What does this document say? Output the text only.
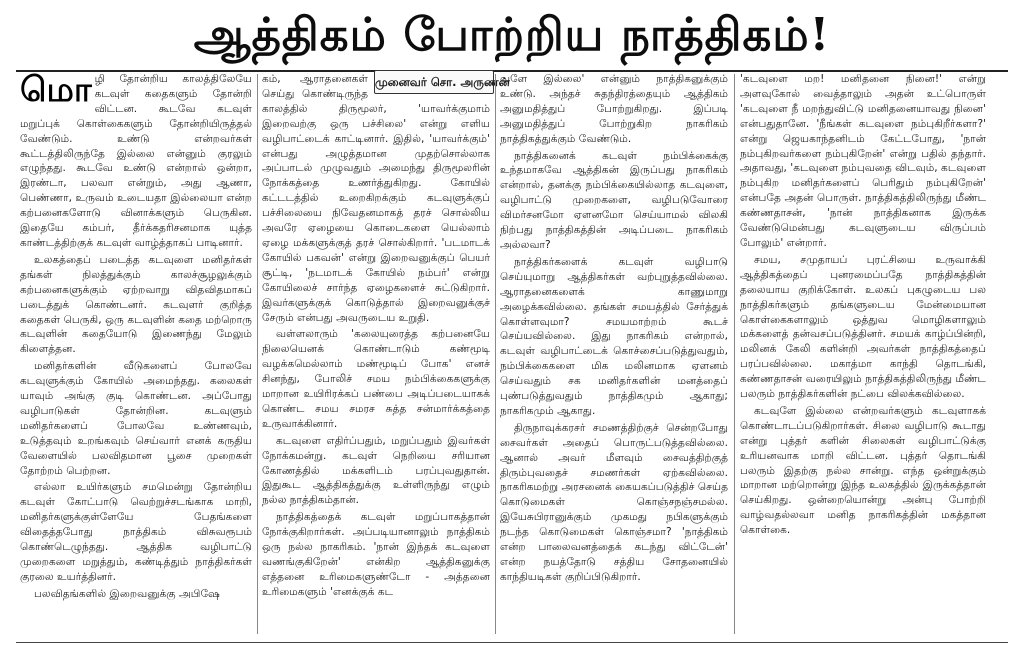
ஆத்திகம் போற்றிய நாத்திகம்!

மொழி தோன்றிய காலத்திலேயே கடவுள் கதைகளும் தோன்றி விட்டன. கூடவே கடவுள் மறுப்புக் கொள்கைகளும் தோன்றியிருத்தல் வேண்டும். உண்டு என்றவர்கள் கூட்டத்திலிருந்தே இல்லை என்னும் குரலும் எழுந்தது. கூடவே உண்டு என்றால் ஒன்றா, இரண்டா, பலவா என்றும், அது ஆணா, பெண்ணா, உருவம் உடையதா இல்லையா என்ற கற்பனைகளோடு வினாக்களும் பெருகின. இதையே கம்பர், தீர்க்கதரிசனமாக யுத்த காண்டத்திற்குக் கடவுள் வாழ்த்தாகப் பாடினார்.

உலகத்தைப் படைத்த கடவுளை மனிதர்கள் தங்கள் நிலத்துக்கும் காலச்சூழலுக்கும் கற்பனைகளுக்கும் ஏற்றவாறு விதவிதமாகப் படைத்துக் கொண்டனர். கடவுளர் குறித்த கதைகள் பெருகி, ஒரு கடவுளின் கதை மற்றொரு கடவுளின் கதையோடு இணைந்து மேலும் கிளைத்தன.

மனிதர்களின் வீடுகளைப் போலவே கடவுளுக்கும் கோயில் அமைந்தது. கலைகள் யாவும் அங்கு குடி கொண்டன. அப்போது வழிபாடுகள் தோன்றின. கடவுளும் மனிதர்களைப் போலவே உண்ணவும், உடுத்தவும் உறங்கவும் செய்வார் எனக் கருதிய வேளையில் பலவிதமான பூசை முறைகள் தோற்றம் பெற்றன.

எல்லா உயிர்களும் சமமென்று தோன்றிய கடவுள் கோட்பாடு வெற்றுச்சடங்காக மாறி, மனிதர்களுக்குள்ளேயே பேதங்களை விதைத்தபோது நாத்திகம் விசுவரூபம் கொண்டெழுந்தது. ஆத்திக வழிபாட்டு முறைகளை மறுத்தும், கண்டித்தும் நாத்திகர்கள் குரலை உயர்த்தினர்.

பலவிதங்களில் இறைவனுக்கு அபிஷே

முனைவர் சொ. அருணன்

கம், ஆராதனைகள் செய்து கொண்டிருந்த காலத்தில் திருமூலர், 'யாவர்க்குமாம் இறைவற்கு ஒரு பச்சிலை' என்று எளிய வழிபாட்டைக் காட்டினார். இதில், 'யாவர்க்கும்' என்பது அழுத்தமான முதற்சொல்லாக அப்பாடல் முழுவதும் அமைந்து திருமூலரின் நோக்கத்தை உணர்த்துகிறது. கோயில் கட்டடத்தில் உறைகிறக்கும் கடவுளுக்குப் பச்சிலையை நிவேதனமாகத் தரச் சொல்லிய அவரே ஏழையை கொடைகளை யெல்லாம் ஏழை மக்களுக்குத் தரச் சொல்கிறார். 'படமாடக் கோயில் பகவன்' என்று இறைவனுக்குப் பெயர் சூட்டி, 'நடமாடக் கோயில் நம்பர்' என்று கோயிலைச் சார்ந்த ஏழைகளைச் சுட்டுகிறார். இவர்களுக்குக் கொடுத்தால் இறைவனுக்குச் சேரும் என்பது அவருடைய உறுதி.

வள்ளலாரும் 'கலையுரைத்த கற்பனையே நிலையெனக் கொண்டாடும் கண்மூடி வழக்கமெல்லாம் மண்மூடிப் போக' எனச் சினந்து, போலிச் சமய நம்பிக்கைகளுக்கு மாறான உயிரிரக்கப் பண்பை அடிப்படையாகக் கொண்ட சமய சமரச சுத்த சன்மார்க்கத்தை உருவாக்கினார்.

கடவுளை எதிர்ப்பதும், மறுப்பதும் இவர்கள் நோக்கமன்று. கடவுள் நெறியை சரியான கோணத்தில் மக்களிடம் பரப்புவதுதான். இதுகூட ஆத்திகத்துக்கு உள்ளிருந்து எழும் நல்ல நாத்திகம்தான்.

நாத்திகத்தைக் கடவுள் மறுப்பாகத்தான் நோக்குகிறார்கள். அப்படியானாலும் நாத்திகம் ஒரு நல்ல நாகரிகம். 'நான் இந்தக் கடவுளை வணங்குகிறேன்' என்கிற ஆத்திகனுக்கு எத்தனை உரிமைகளுண்டோ - அத்தனை உரிமைகளும் 'எனக்குக் கட

வுளே இல்லை' என்னும் நாத்திகனுக்கும் உண்டு. அந்தச் சுதந்திரத்தையும் ஆத்திகம் அனுமதித்துப் போற்றுகிறது. இப்படி அனுமதித்துப் போற்றுகிற நாகரிகம் நாத்திகத்துக்கும் வேண்டும்.

நாத்திகனைக் கடவுள் நம்பிக்கைக்கு உந்தமாகவே ஆத்திகன் இருப்பது நாகரிகம் என்றால், தனக்கு நம்பிக்கையில்லாத கடவுளை, வழிபாட்டு முறைகளை, வழிபடுவோரை விமர்சனமோ ஏளனமோ செய்யாமல் விலகி நிற்பது நாத்திகத்தின் அடிப்படை நாகரிகம் அல்லவா?

நாத்திகர்களைக் கடவுள் வழிபாடு செய்யுமாறு ஆத்திகர்கள் வற்புறுத்தவில்லை. ஆராதனைகளைக் காணுமாறு அழைக்கவில்லை. தங்கள் சமயத்தில் சேர்த்துக் கொள்ளவுமா? சமயமாற்றம் கூடச் செய்யவில்லை. இது நாகரிகம் என்றால், கடவுள் வழிபாட்டைக் கொச்சைப்படுத்துவதும், நம்பிக்கைகளை மிக மலினமாக ஏளனம் செய்வதும் சக மனிதர்களின் மனத்தைப் புண்படுத்துவதும் நாத்திகமும் ஆகாது; நாகரிகமும் ஆகாது.

திருநாவுக்கரசர் சமணத்திற்குச் சென்றபோது சைவர்கள் அதைப் பொருட்படுத்தவில்லை. ஆனால் அவர் மீளவும் சைவத்திற்குத் திரும்புவதைச் சமணர்கள் ஏற்கவில்லை. நாகரிகமற்று அரசனைக் கையகப்படுத்திச் செய்த கொடுமைகள் கொஞ்சநஞ்சமல்ல. இயேசுபிரானுக்கும் முகமது நபிகளுக்கும் நடந்த கொடுமைகள் கொஞ்சமா? 'நாத்திகம் என்ற பாலைவனத்தைக் கடந்து விட்டேன்' என்ற நயத்தோடு சத்திய சோதனையில் காந்தியடிகள் குறிப்பிடுகிறார்.

'கடவுளை மற! மனிதனை நினை!' என்று அளவுகோல் வைத்தாலும் அதன் உட்பொருள் 'கடவுளை நீ மறந்துவிட்டு மனிதனையாவது நினை' என்பதுதானே. 'நீங்கள் கடவுளை நம்புகிறீர்களா?' என்று ஜெயகாந்தனிடம் கேட்டபோது, 'நான் நம்புகிறவர்களை நம்புகிறேன்' என்று பதில் தந்தார். அதாவது, 'கடவுளை நம்புவதை விடவும், கடவுளை நம்புகிற மனிதர்களைப் பெரிதும் நம்புகிறேன்' என்பதே அதன் பொருள். நாத்திகத்திலிருந்து மீண்ட கண்ணதாசன், 'நான் நாத்திகனாக இருக்க வேண்டுமென்பது கடவுளுடைய விருப்பம் போலும்' என்றார்.

சமய, சமுதாயப் புரட்சியை உருவாக்கி ஆத்திகத்தைப் புனரமைப்பதே நாத்திகத்தின் தலையாய குறிக்கோள். உலகப் புகழுடைய பல நாத்திகர்களும் தங்களுடைய மேன்மையான கொள்கைகளாலும் ஒத்துவ மொழிகளாலும் மக்களைத் தன்வசப்படுத்தினர். சமயக் காழ்ப்பின்றி, மலினக் கேலி களின்றி அவர்கள் நாத்திகத்தைப் பரப்பவில்லை. மகாத்மா காந்தி தொடங்கி, கண்ணதாசன் வரையிலும் நாத்திகத்திலிருந்து மீண்ட பலரும் நாத்திகர்களின் நட்பை விலக்கவில்லை.

கடவுளே இல்லை என்றவர்களும் கடவுளாகக் கொண்டாடப்படுகிறார்கள். சிலை வழிபாடு கூடாது என்று புத்தர் களின் சிலைகள் வழிபாட்டுக்கு உரியனவாக மாறி விட்டன. புத்தர் தொடங்கி பலரும் இதற்கு நல்ல சான்று. எந்த ஒன்றுக்கும் மாறான மற்றொன்று இந்த உலகத்தில் இருக்கத்தான் செய்கிறது. ஒன்றையொன்று அன்பு போற்றி வாழ்வதல்லவா மனித நாகரிகத்தின் மகத்தான கொள்கை.
